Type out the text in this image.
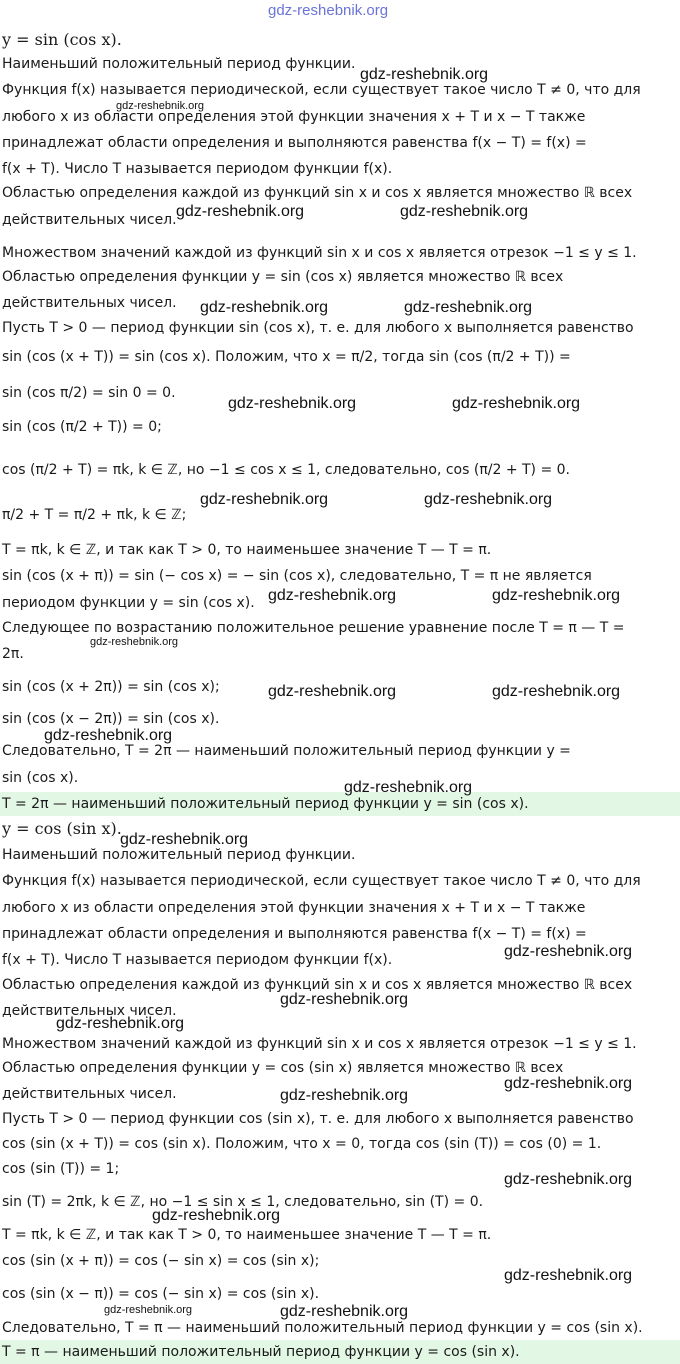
gdz-reshebnik.org
y = sin (cos x).
Наименьший положительный период функции.
Функция f(x) называется периодической, если существует такое число T ≠ 0, что для
любого x из области определения этой функции значения x + T и x − T также
принадлежат области определения и выполняются равенства f(x − T) = f(x) =
f(x + T). Число T называется периодом функции f(x).
Областью определения каждой из функций sin x и cos x является множество ℝ всех
действительных чисел.
Множеством значений каждой из функций sin x и cos x является отрезок −1 ≤ y ≤ 1.
Областью определения функции y = sin (cos x) является множество ℝ всех
действительных чисел.
Пусть T > 0 — период функции sin (cos x), т. е. для любого x выполняется равенство
sin (cos (x + T)) = sin (cos x). Положим, что x = π/2, тогда sin (cos (π/2 + T)) =
sin (cos π/2) = sin 0 = 0.
sin (cos (π/2 + T)) = 0;
cos (π/2 + T) = πk, k ∈ ℤ, но −1 ≤ cos x ≤ 1, следовательно, cos (π/2 + T) = 0.
π/2 + T = π/2 + πk, k ∈ ℤ;
T = πk, k ∈ ℤ, и так как T > 0, то наименьшее значение T — T = π.
sin (cos (x + π)) = sin (− cos x) = − sin (cos x), следовательно, T = π не является
периодом функции y = sin (cos x).
Следующее по возрастанию положительное решение уравнение после T = π — T =
2π.
sin (cos (x + 2π)) = sin (cos x);
sin (cos (x − 2π)) = sin (cos x).
Следовательно, T = 2π — наименьший положительный период функции y =
sin (cos x).
T = 2π — наименьший положительный период функции y = sin (cos x).
y = cos (sin x).
Наименьший положительный период функции.
Функция f(x) называется периодической, если существует такое число T ≠ 0, что для
любого x из области определения этой функции значения x + T и x − T также
принадлежат области определения и выполняются равенства f(x − T) = f(x) =
f(x + T). Число T называется периодом функции f(x).
Областью определения каждой из функций sin x и cos x является множество ℝ всех
действительных чисел.
Множеством значений каждой из функций sin x и cos x является отрезок −1 ≤ y ≤ 1.
Областью определения функции y = cos (sin x) является множество ℝ всех
действительных чисел.
Пусть T > 0 — период функции cos (sin x), т. е. для любого x выполняется равенство
cos (sin (x + T)) = cos (sin x). Положим, что x = 0, тогда cos (sin (T)) = cos (0) = 1.
cos (sin (T)) = 1;
sin (T) = 2πk, k ∈ ℤ, но −1 ≤ sin x ≤ 1, следовательно, sin (T) = 0.
T = πk, k ∈ ℤ, и так как T > 0, то наименьшее значение T — T = π.
cos (sin (x + π)) = cos (− sin x) = cos (sin x);
cos (sin (x − π)) = cos (− sin x) = cos (sin x).
Следовательно, T = π — наименьший положительный период функции y = cos (sin x).
T = π — наименьший положительный период функции y = cos (sin x).
gdz-reshebnik.org
gdz-reshebnik.org
gdz-reshebnik.org	gdz-reshebnik.org
gdz-reshebnik.org	gdz-reshebnik.org
gdz-reshebnik.org	gdz-reshebnik.org
gdz-reshebnik.org	gdz-reshebnik.org
gdz-reshebnik.org	gdz-reshebnik.org
gdz-reshebnik.org
gdz-reshebnik.org	gdz-reshebnik.org
gdz-reshebnik.org
gdz-reshebnik.org
gdz-reshebnik.org
gdz-reshebnik.org
gdz-reshebnik.org
gdz-reshebnik.org
gdz-reshebnik.org
gdz-reshebnik.org
gdz-reshebnik.org
gdz-reshebnik.org
gdz-reshebnik.org
gdz-reshebnik.org	gdz-reshebnik.org
